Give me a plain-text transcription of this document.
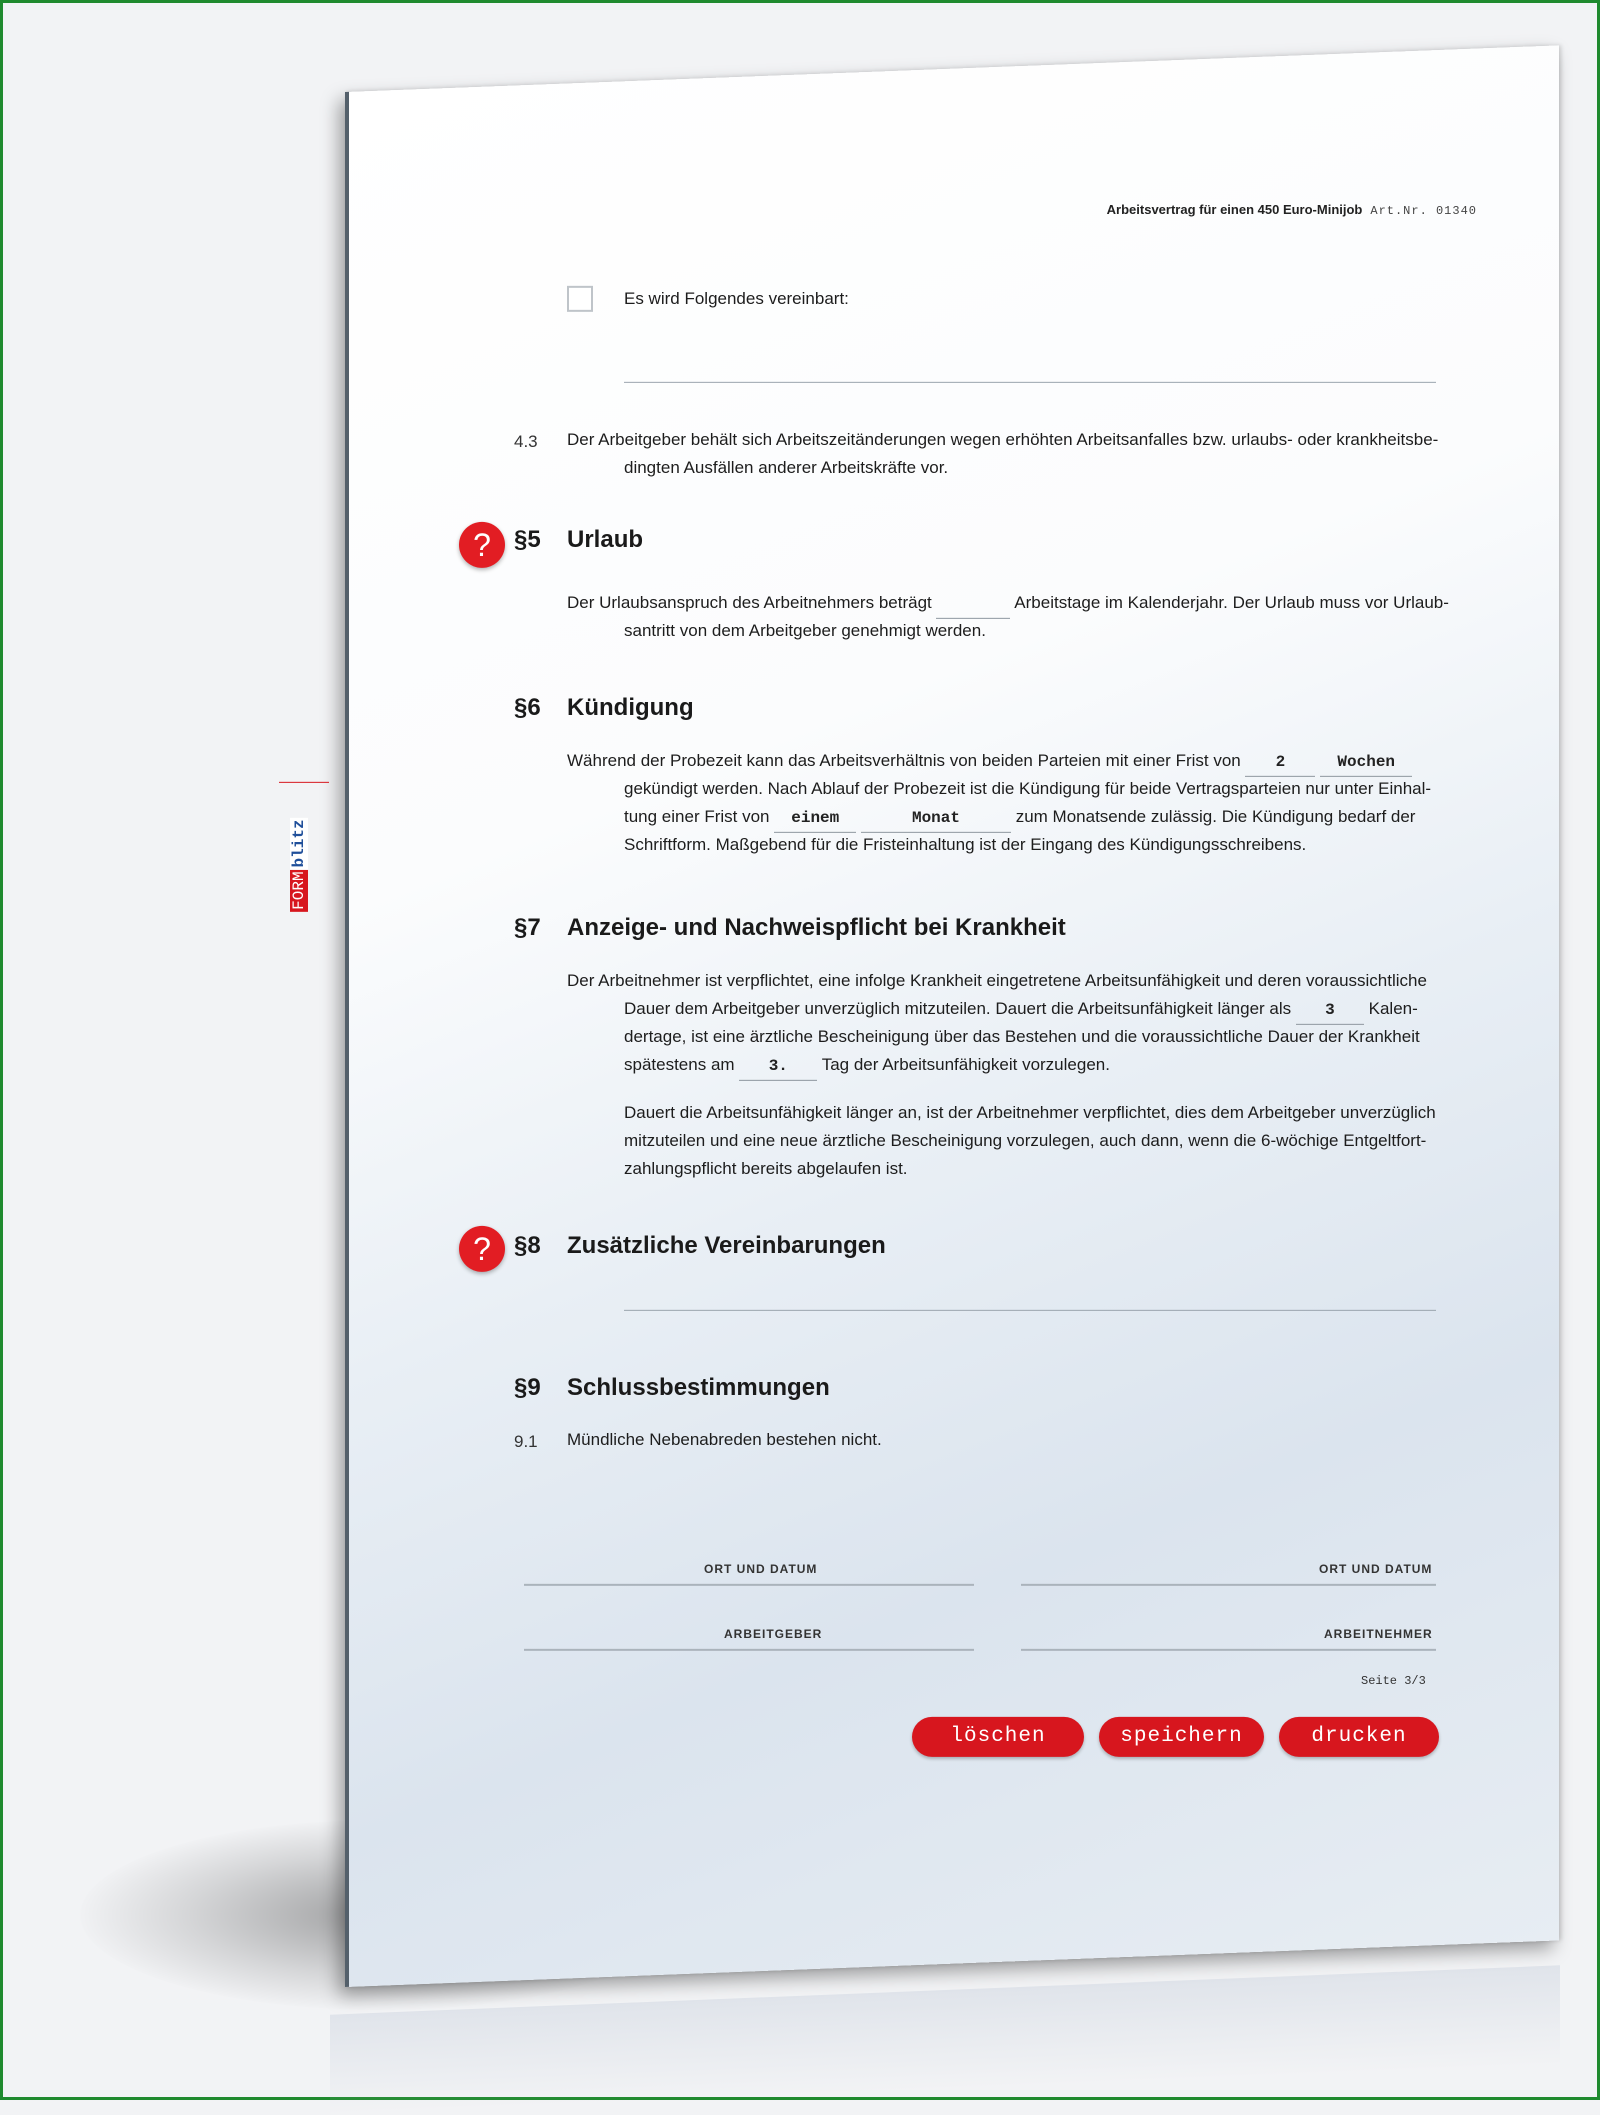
Arbeitsvertrag für einen 450 Euro-Minijob Art.Nr. 01340
Es wird Folgendes vereinbart:
4.3 Der Arbeitgeber behält sich Arbeitszeitänderungen wegen erhöhten Arbeitsanfalles bzw. urlaubs- oder krankheitsbe-
dingten Ausfällen anderer Arbeitskräfte vor.
? §5 Urlaub
Der Urlaubsanspruch des Arbeitnehmers beträgt	Arbeitstage im Kalenderjahr. Der Urlaub muss vor Urlaub-
santritt von dem Arbeitgeber genehmigt werden.
§6 Kündigung
Während der Probezeit kann das Arbeitsverhältnis von beiden Parteien mit einer Frist von 2	Wochen
gekündigt werden. Nach Ablauf der Probezeit ist die Kündigung für beide Vertragsparteien nur unter Einhal-
tung einer Frist von einem	Monat	zum Monatsende zulässig. Die Kündigung bedarf der
Schriftform. Maßgebend für die Fristeinhaltung ist der Eingang des Kündigungsschreibens.
§7 Anzeige- und Nachweispflicht bei Krankheit
Der Arbeitnehmer ist verpflichtet, eine infolge Krankheit eingetretene Arbeitsunfähigkeit und deren voraussichtliche
Dauer dem Arbeitgeber unverzüglich mitzuteilen. Dauert die Arbeitsunfähigkeit länger als 3 Kalen-
dertage, ist eine ärztliche Bescheinigung über das Bestehen und die voraussichtliche Dauer der Krankheit
spätestens am 3. Tag der Arbeitsunfähigkeit vorzulegen.
Dauert die Arbeitsunfähigkeit länger an, ist der Arbeitnehmer verpflichtet, dies dem Arbeitgeber unverzüglich
mitzuteilen und eine neue ärztliche Bescheinigung vorzulegen, auch dann, wenn die 6-wöchige Entgeltfort-
zahlungspflicht bereits abgelaufen ist.
? §8 Zusätzliche Vereinbarungen
§9 Schlussbestimmungen
9.1 Mündliche Nebenabreden bestehen nicht.
ORT UND DATUM	ORT UND DATUM
ARBEITGEBER	ARBEITNEHMER
Seite 3/3
löschen	speichern	drucken
FORMblitz
